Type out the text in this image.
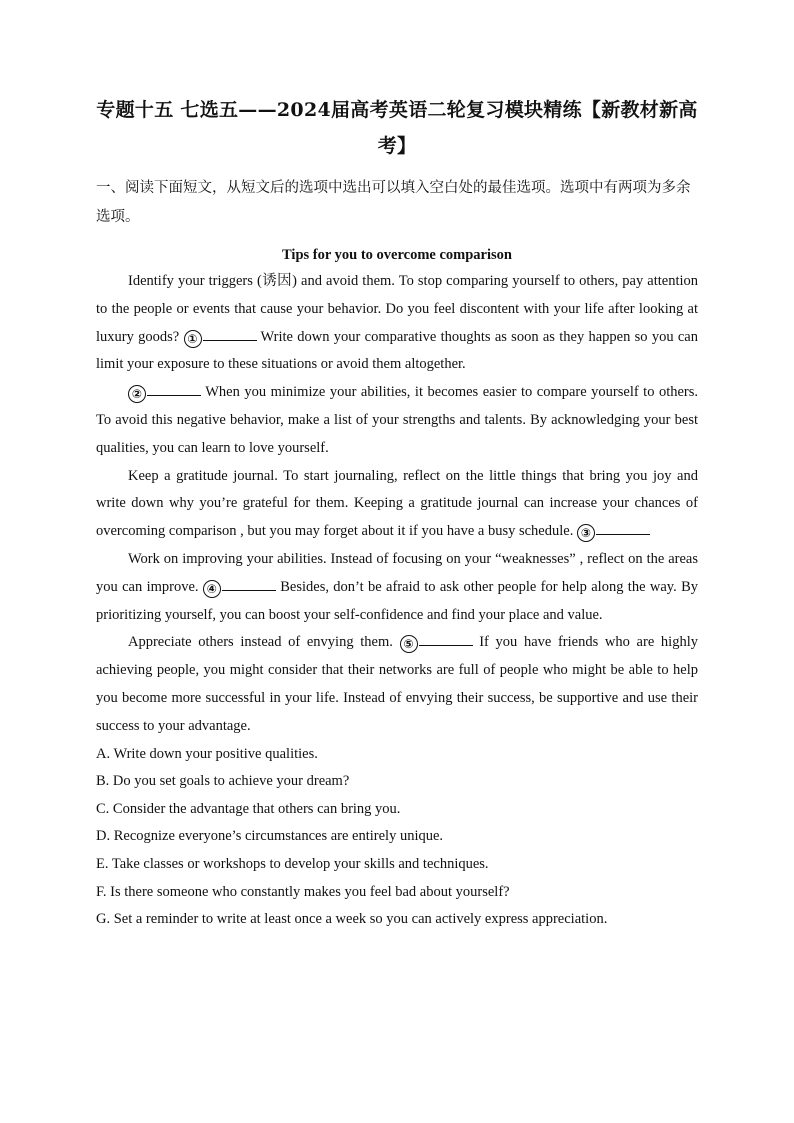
专题十五 七选五——2024届高考英语二轮复习模块精练【新教材新高考】
一、阅读下面短文，从短文后的选项中选出可以填入空白处的最佳选项。选项中有两项为多余选项。
Tips for you to overcome comparison

Identify your triggers (诱因) and avoid them. To stop comparing yourself to others, pay attention to the people or events that cause your behavior. Do you feel discontent with your life after looking at luxury goods? ①	Write down your comparative thoughts as soon as they happen so you can limit your exposure to these situations or avoid them altogether.

②	When you minimize your abilities, it becomes easier to compare yourself to others. To avoid this negative behavior, make a list of your strengths and talents. By acknowledging your best qualities, you can learn to love yourself.

Keep a gratitude journal. To start journaling, reflect on the little things that bring you joy and write down why you’re grateful for them. Keeping a gratitude journal can increase your chances of overcoming comparison , but you may forget about it if you have a busy schedule. ③

Work on improving your abilities. Instead of focusing on your “weaknesses” , reflect on the areas you can improve. ④	Besides, don’t be afraid to ask other people for help along the way. By prioritizing yourself, you can boost your self-confidence and find your place and value.

Appreciate others instead of envying them. ⑤	If you have friends who are highly achieving people, you might consider that their networks are full of people who might be able to help you become more successful in your life. Instead of envying their success, be supportive and use their success to your advantage.

A. Write down your positive qualities.

B. Do you set goals to achieve your dream?

C. Consider the advantage that others can bring you.

D. Recognize everyone’s circumstances are entirely unique.

E. Take classes or workshops to develop your skills and techniques.

F. Is there someone who constantly makes you feel bad about yourself?

G. Set a reminder to write at least once a week so you can actively express appreciation.
